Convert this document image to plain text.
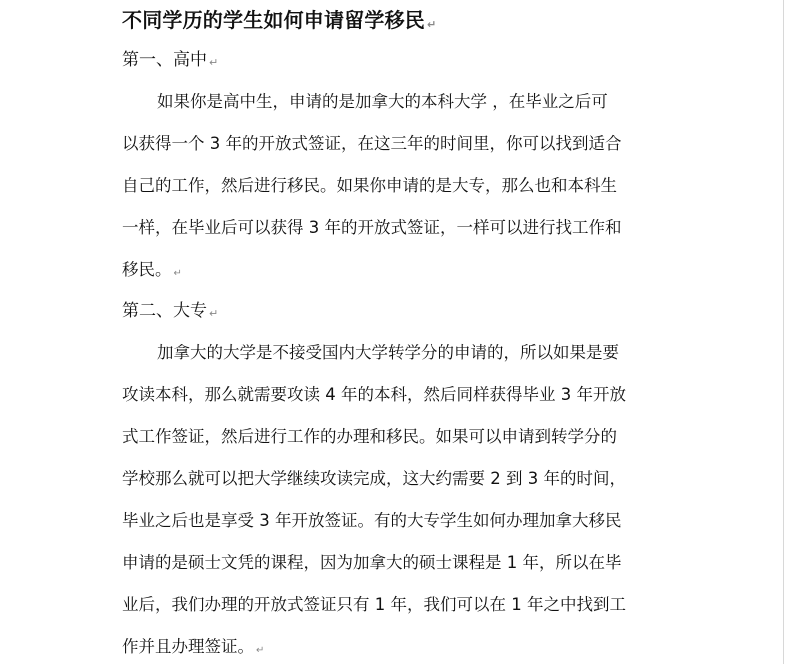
不同学历的学生如何申请留学移民 ↵
第一、高中 ↵
如果你是高中生，申请的是加拿大的本科大学 ，在毕业之后可
以获得一个 3 年的开放式签证，在这三年的时间里，你可以找到适合
自己的工作，然后进行移民。如果你申请的是大专，那么也和本科生
一样，在毕业后可以获得 3 年的开放式签证，一样可以进行找工作和
移民。 ↵
第二、大专 ↵
加拿大的大学是不接受国内大学转学分的申请的，所以如果是要
攻读本科，那么就需要攻读 4 年的本科，然后同样获得毕业 3 年开放
式工作签证，然后进行工作的办理和移民。如果可以申请到转学分的
学校那么就可以把大学继续攻读完成，这大约需要 2 到 3 年的时间，
毕业之后也是享受 3 年开放签证。有的大专学生如何办理加拿大移民
申请的是硕士文凭的课程，因为加拿大的硕士课程是 1 年，所以在毕
业后，我们办理的开放式签证只有 1 年，我们可以在 1 年之中找到工
作并且办理签证。 ↵
